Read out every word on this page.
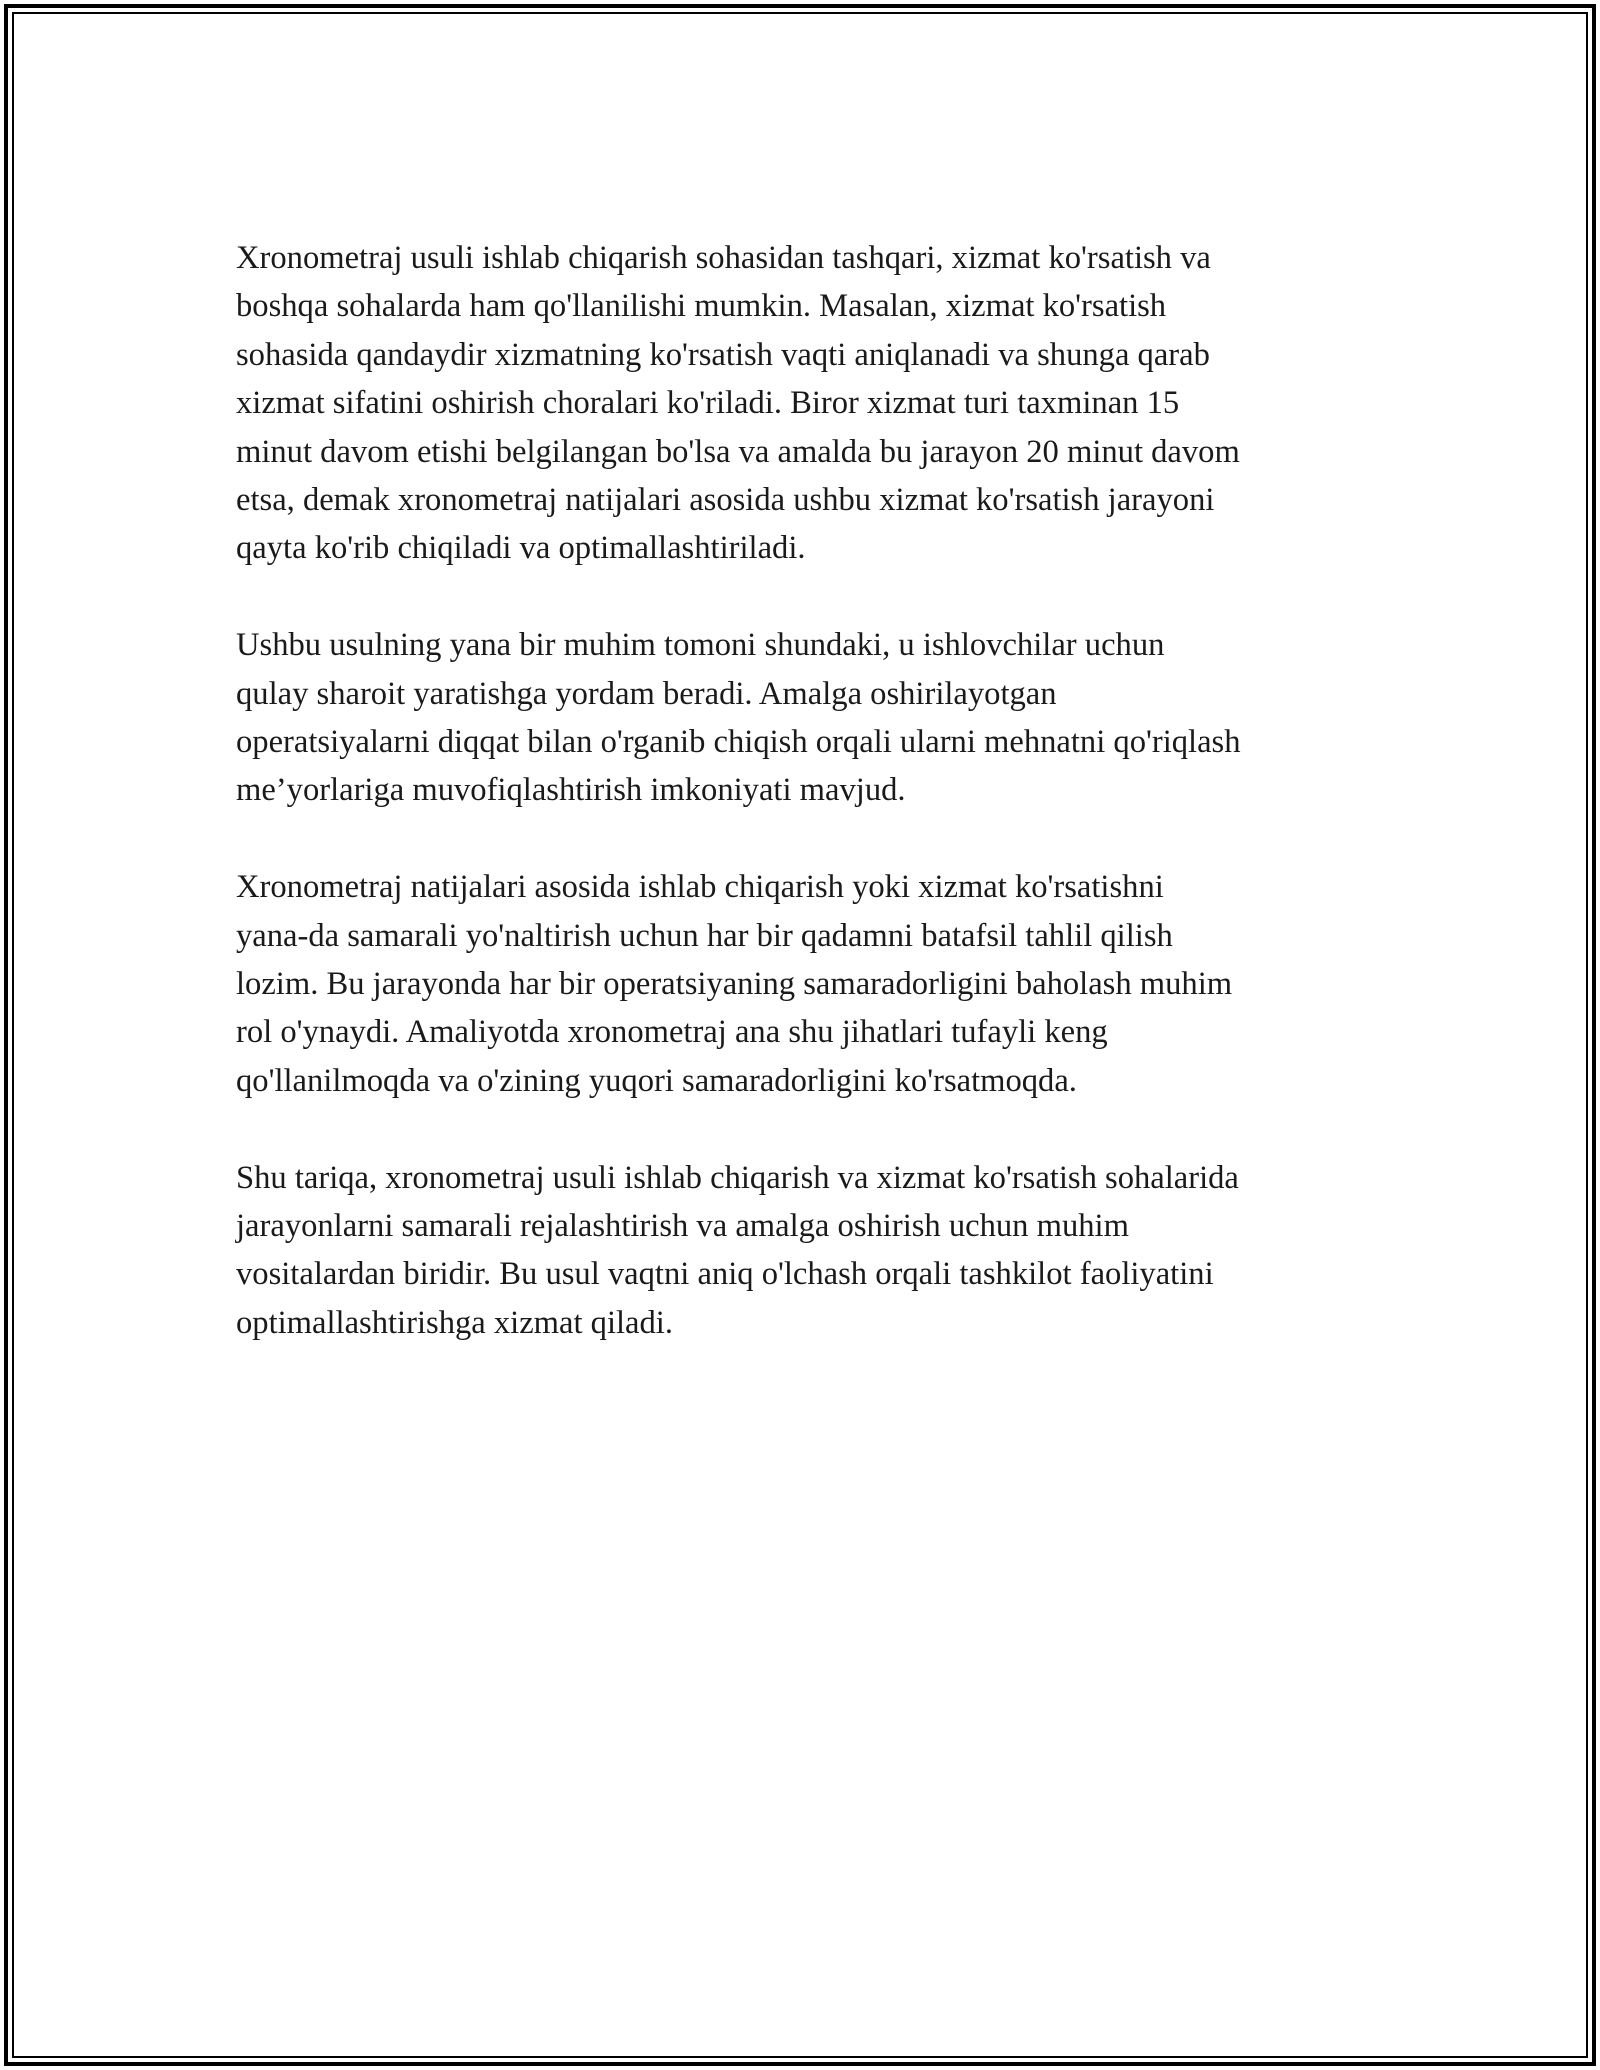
Xronometraj usuli ishlab chiqarish sohasidan tashqari, xizmat ko'rsatish va
boshqa sohalarda ham qo'llanilishi mumkin. Masalan, xizmat ko'rsatish
sohasida qandaydir xizmatning ko'rsatish vaqti aniqlanadi va shunga qarab
xizmat sifatini oshirish choralari ko'riladi. Biror xizmat turi taxminan 15
minut davom etishi belgilangan bo'lsa va amalda bu jarayon 20 minut davom
etsa, demak xronometraj natijalari asosida ushbu xizmat ko'rsatish jarayoni
qayta ko'rib chiqiladi va optimallashtiriladi.

Ushbu usulning yana bir muhim tomoni shundaki, u ishlovchilar uchun
qulay sharoit yaratishga yordam beradi. Amalga oshirilayotgan
operatsiyalarni diqqat bilan o'rganib chiqish orqali ularni mehnatni qo'riqlash
me’yorlariga muvofiqlashtirish imkoniyati mavjud.

Xronometraj natijalari asosida ishlab chiqarish yoki xizmat ko'rsatishni
yana-da samarali yo'naltirish uchun har bir qadamni batafsil tahlil qilish
lozim. Bu jarayonda har bir operatsiyaning samaradorligini baholash muhim
rol o'ynaydi. Amaliyotda xronometraj ana shu jihatlari tufayli keng
qo'llanilmoqda va o'zining yuqori samaradorligini ko'rsatmoqda.

Shu tariqa, xronometraj usuli ishlab chiqarish va xizmat ko'rsatish sohalarida
jarayonlarni samarali rejalashtirish va amalga oshirish uchun muhim
vositalardan biridir. Bu usul vaqtni aniq o'lchash orqali tashkilot faoliyatini
optimallashtirishga xizmat qiladi.
